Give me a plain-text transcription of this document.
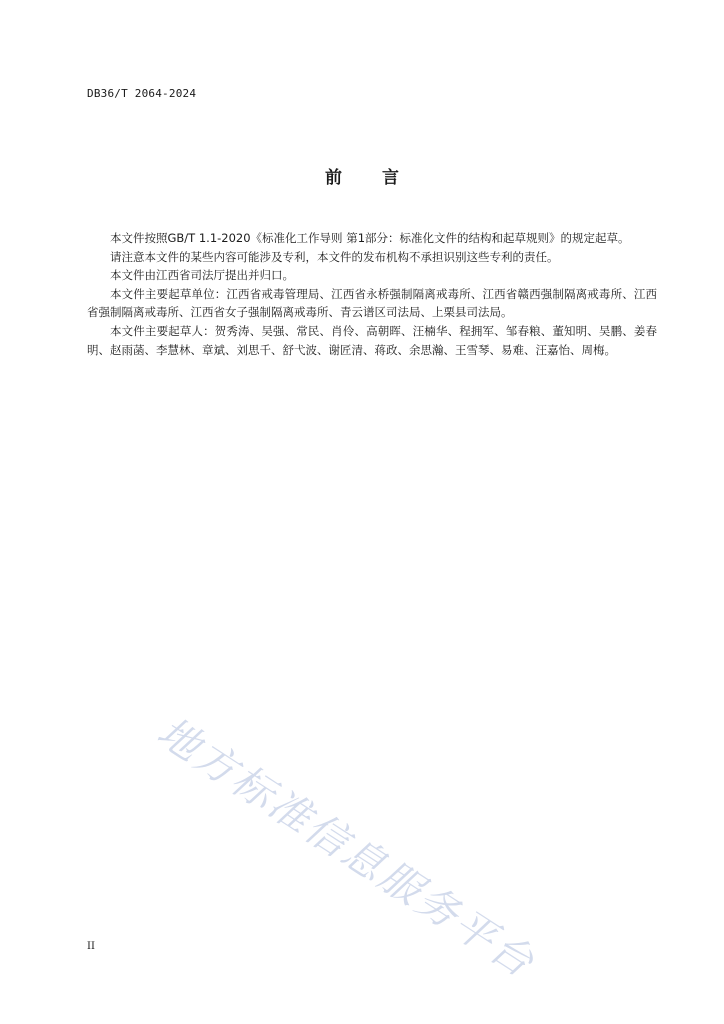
DB36/T 2064-2024
前 言

本文件按照GB/T 1.1-2020《标准化工作导则 第1部分：标准化文件的结构和起草规则》的规定起草。

请注意本文件的某些内容可能涉及专利，本文件的发布机构不承担识别这些专利的责任。

本文件由江西省司法厅提出并归口。

本文件主要起草单位：江西省戒毒管理局、江西省永桥强制隔离戒毒所、江西省赣西强制隔离戒毒所、江西省强制隔离戒毒所、江西省女子强制隔离戒毒所、青云谱区司法局、上栗县司法局。

本文件主要起草人：贺秀涛、吴强、常民、肖伶、高朝晖、汪楠华、程拥军、邹春粮、董知明、吴鹏、姜春明、赵雨菡、李慧林、章斌、刘思千、舒弋波、谢匠清、蒋政、余思瀚、王雪琴、易难、汪嘉怡、周梅。

地方标准信息服务平台
II
